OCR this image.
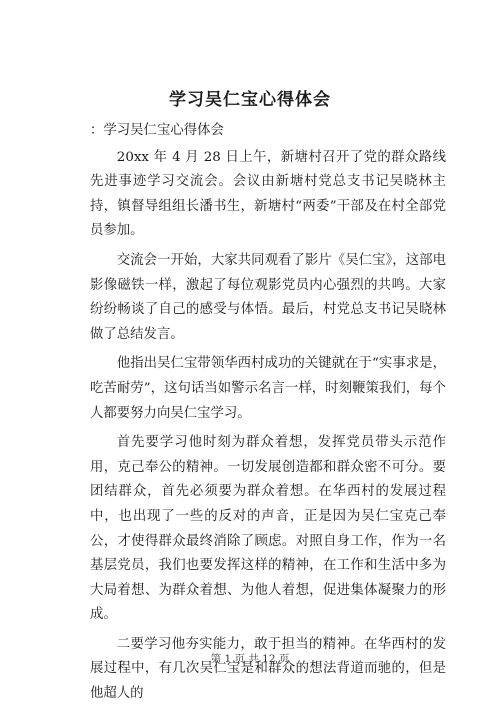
学习吴仁宝心得体会

：学习吴仁宝心得体会

20xx 年 4 月 28 日上午，新塘村召开了党的群众路线先进事迹学习交流会。会议由新塘村党总支书记吴晓林主持，镇督导组组长潘书生，新塘村“两委”干部及在村全部党员参加。

交流会一开始，大家共同观看了影片《吴仁宝》，这部电影像磁铁一样，激起了每位观影党员内心强烈的共鸣。大家纷纷畅谈了自己的感受与体悟。最后，村党总支书记吴晓林做了总结发言。

他指出吴仁宝带领华西村成功的关键就在于“实事求是，吃苦耐劳”，这句话当如警示名言一样，时刻鞭策我们，每个人都要努力向吴仁宝学习。

首先要学习他时刻为群众着想，发挥党员带头示范作用，克己奉公的精神。一切发展创造都和群众密不可分。要团结群众，首先必须要为群众着想。在华西村的发展过程中，也出现了一些的反对的声音，正是因为吴仁宝克己奉公，才使得群众最终消除了顾虑。对照自身工作，作为一名基层党员，我们也要发挥这样的精神，在工作和生活中多为大局着想、为群众着想、为他人着想，促进集体凝聚力的形成。

二要学习他夯实能力，敢于担当的精神。在华西村的发展过程中，有几次吴仁宝是和群众的想法背道而驰的，但是他超人的

第 1 页 共 12 页
